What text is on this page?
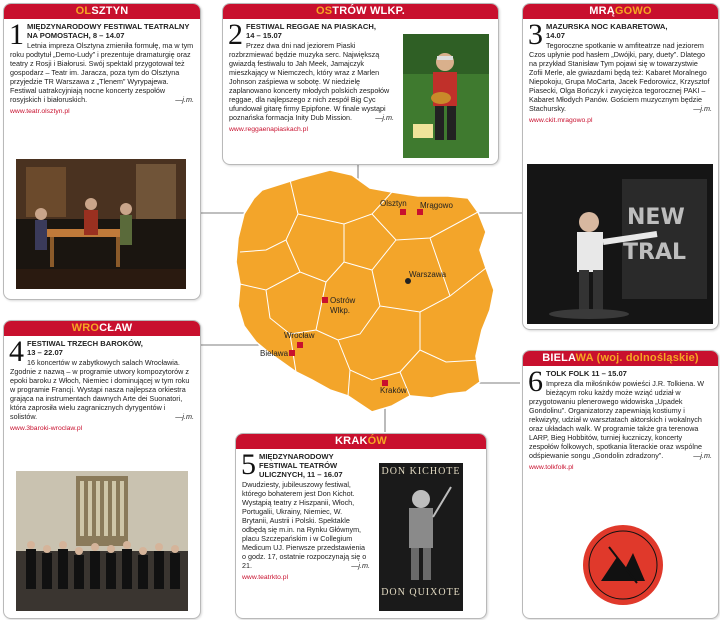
Olsztyn Mrągowo
Warszawa
Ostrów
Wlkp.
Wrocław
Bielawa
Kraków
OLSZTYN
1 MIĘDZYNARODOWY FESTIWAL TEATRALNY NA POMOSTACH, 8 – 14.07
Letnia impreza Olsztyna zmieniła formułę, ma w tym roku podtytuł „Demo-Ludy” i prezentuje dramaturgię oraz teatry z Rosji i Białorusi. Swój spektakl przygotował też gospodarz – Teatr im. Jaracza, poza tym do Olsztyna przyjedzie TR Warszawa z „Tlenem” Wyrypajewa. Festiwal uatrakcyjniają nocne koncerty zespołów rosyjskich i białoruskich.	—j.m.
www.teatr.olsztyn.pl
OSTRÓW WLKP.
2 FESTIWAL REGGAE NA PIASKACH,
14 – 15.07
Przez dwa dni nad jeziorem Piaski rozbrzmiewać będzie muzyka serc. Największą gwiazdą festiwalu to Jah Meek, Jamajczyk mieszkający w Niemczech, który wraz z Marlen Johnson zaśpiewa w sobotę. W niedzielę zaplanowano koncerty młodych polskich zespołów reggae, dla najlepszego z nich zespół Big Cyc ufundował gitarę firmy Epipfone. W finale wystąpi poznańska formacja Inity Dub Mission.	—j.m.
www.reggaenapiaskach.pl
MRĄGOWO
3 MAZURSKA NOC KABARETOWA,
14.07
Tegoroczne spotkanie w amfiteatrze nad jeziorem Czos upłynie pod hasłem „Dwójki, pary, duety”. Dlatego na przykład Stanisław Tym pojawi się w towarzystwie Zofii Merle, ale gwiazdami będą też: Kabaret Moralnego Niepokoju, Grupa MoCarta, Jacek Fedorowicz, Krzysztof Piasecki, Olga Bończyk i zwyciężca tegorocznej PAKI – Kabaret Młodych Panów. Gościem muzycznym będzie Stachursky.	—j.m.
www.ckit.mragowo.pl
NEW
TRAL
WROCŁAW
4 FESTIWAL TRZECH BAROKÓW,
13 – 22.07
16 koncertów w zabytkowych salach Wrocławia. Zgodnie z nazwą – w programie utwory kompozytorów z epoki baroku z Włoch, Niemiec i dominującej w tym roku w programie Francji. Wystąpi nasza najlepsza orkiestra grająca na instrumentach dawnych Arte dei Suonatori, która zaprosiła wielu zagranicznych dyrygentów i solistów.	—j.m.
www.3baroki-wroclaw.pl
KRAKÓW
5 MIĘDZYNARODOWY FESTIWAL TEATRÓW ULICZNYCH, 11 – 16.07
Dwudziesty, jubileuszowy festiwal, którego bohaterem jest Don Kichot. Wystąpią teatry z Hiszpanii, Włoch, Portugalii, Ukrainy, Niemiec, W. Brytanii, Austrii i Polski. Spektakle odbędą się m.in. na Rynku Głównym, placu Szczepańskim i w Collegium Medicum UJ. Pierwsze przedstawienia o godz. 17, ostatnie rozpoczynają się o 21.	—j.m.
www.teatrkto.pl
DON KICHOTE
DON QUIXOTE
BIELAWA (woj. dolnośląskie)
6 TOLK FOLK 11 – 15.07
Impreza dla miłośników powieści J.R. Tolkiena. W bieżącym roku każdy może wziąć udział w przygotowaniu plenerowego widowiska „Upadek Gondolinu”. Organizatorzy zapewniają kostiumy i rekwizyty, udział w warsztatach aktorskich i wokalnych oraz układach walk. W programie także gra terenowa LARP, Bieg Hobbitów, turniej łuczniczy, koncerty zespołów folkowych, spotkania literackie oraz wspólne odśpiewanie songu „Gondolin zdradzony”.	—j.m.
www.tolkfolk.pl
